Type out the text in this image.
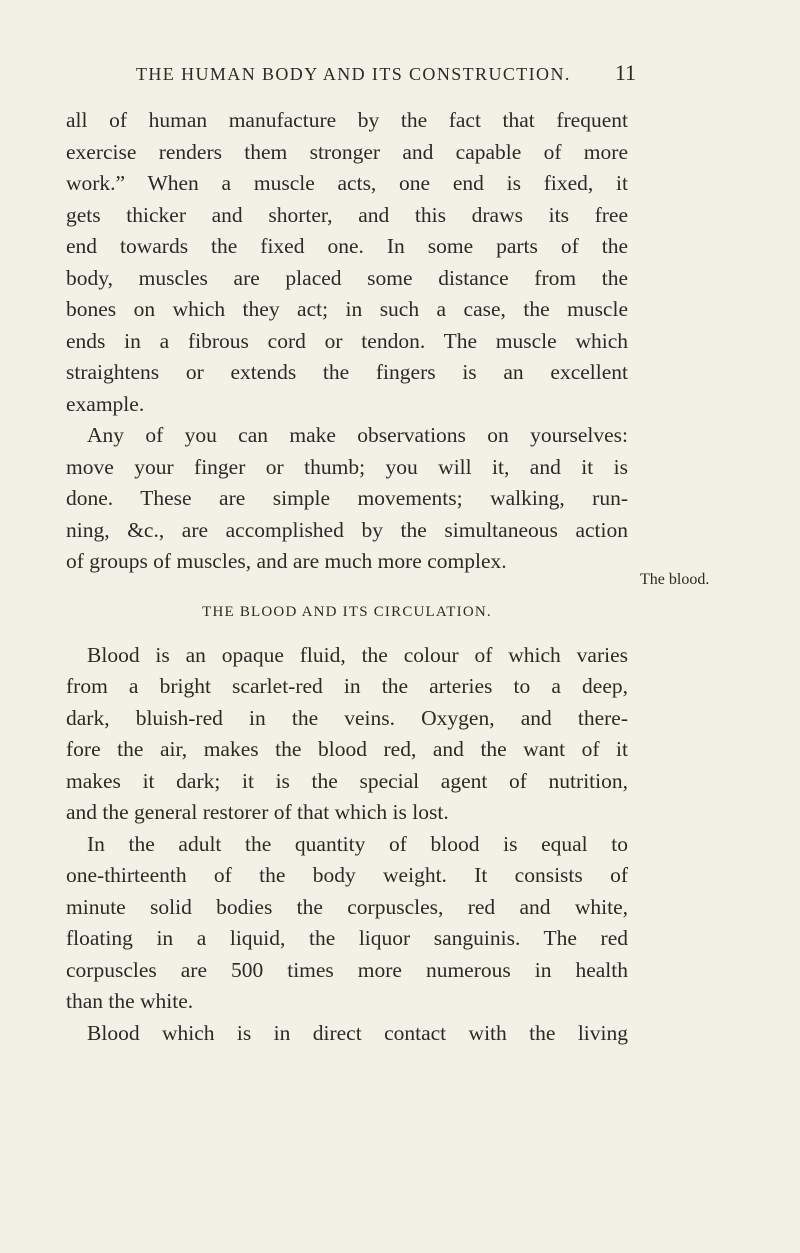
THE HUMAN BODY AND ITS CONSTRUCTION. 11
all of human manufacture by the fact that frequent
exercise renders them stronger and capable of more
work.” When a muscle acts, one end is fixed, it
gets thicker and shorter, and this draws its free
end towards the fixed one. In some parts of the
body, muscles are placed some distance from the
bones on which they act; in such a case, the muscle
ends in a fibrous cord or tendon. The muscle which
straightens or extends the fingers is an excellent
example.
Any of you can make observations on yourselves:
move your finger or thumb; you will it, and it is
done. These are simple movements; walking, run-
ning, &c., are accomplished by the simultaneous action
of groups of muscles, and are much more complex.
THE BLOOD AND ITS CIRCULATION.
Blood is an opaque fluid, the colour of which varies
from a bright scarlet-red in the arteries to a deep,
dark, bluish-red in the veins. Oxygen, and there-
fore the air, makes the blood red, and the want of it
makes it dark; it is the special agent of nutrition,
and the general restorer of that which is lost.
In the adult the quantity of blood is equal to
one-thirteenth of the body weight. It consists of
minute solid bodies the corpuscles, red and white,
floating in a liquid, the liquor sanguinis. The red
corpuscles are 500 times more numerous in health
than the white.
Blood which is in direct contact with the living
The blood.
